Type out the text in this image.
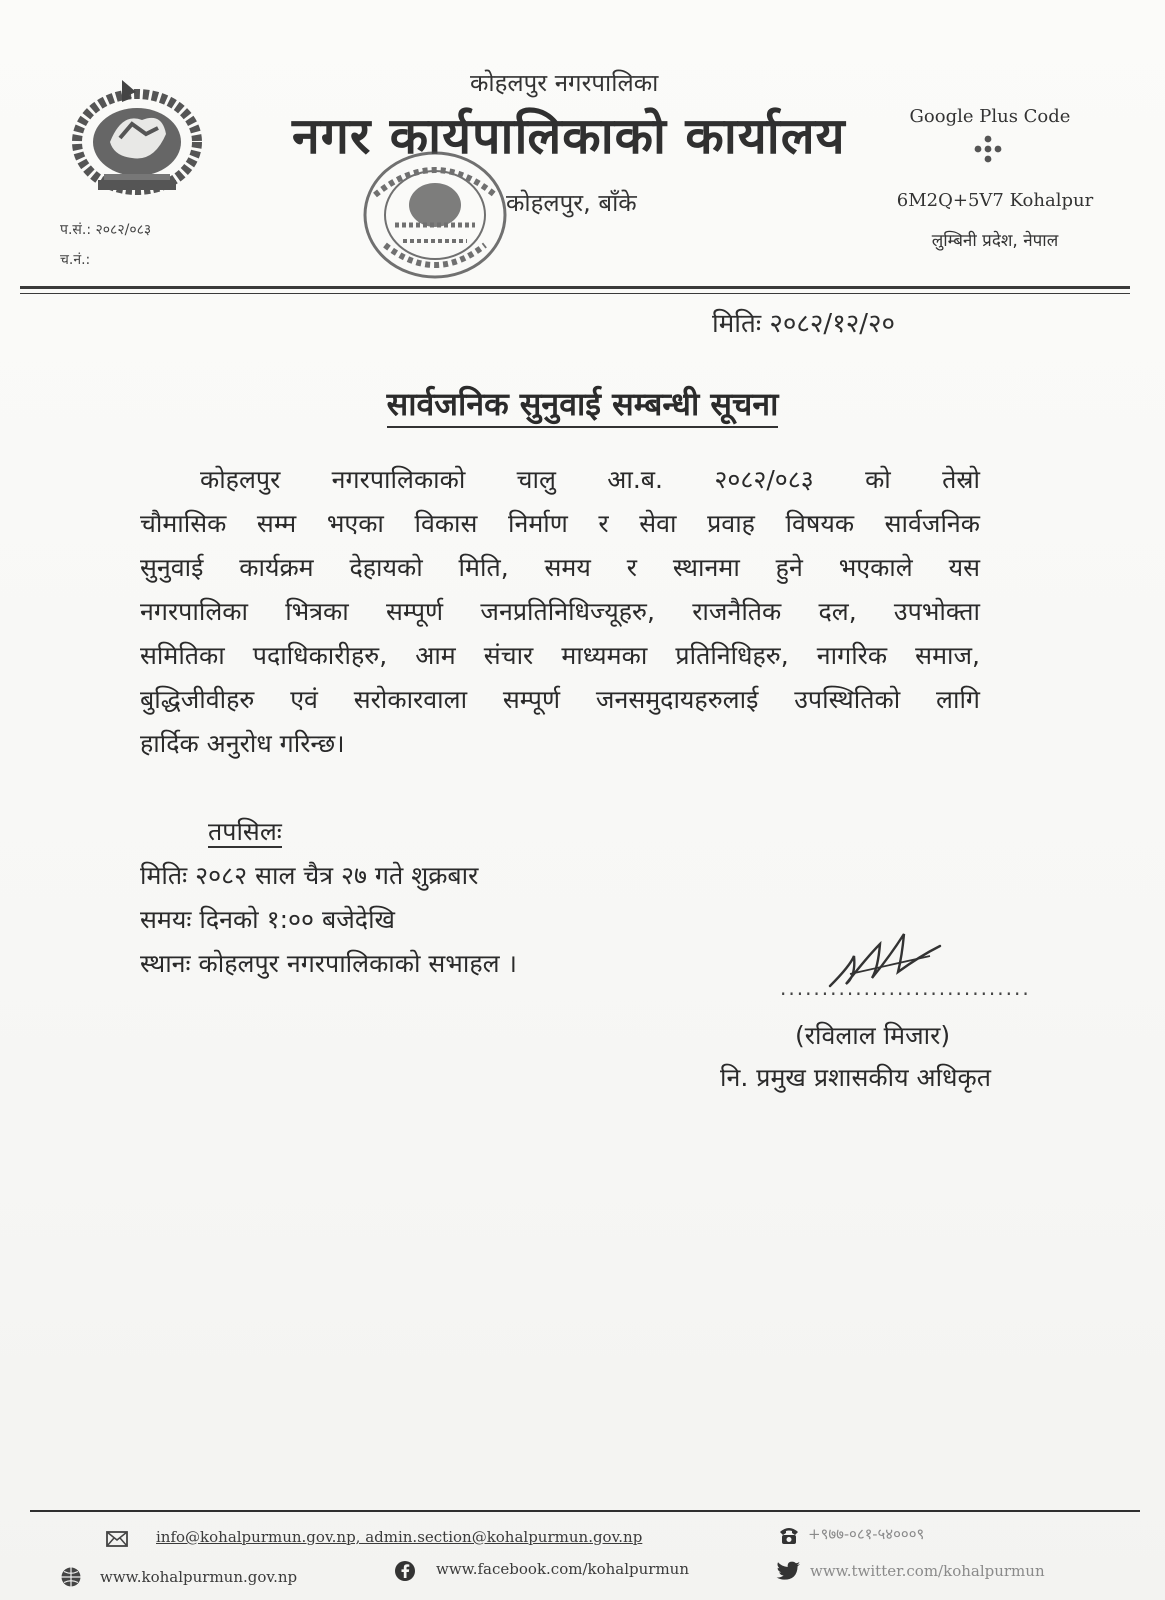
प.सं.: २०८२/०८३
च.नं.:
कोहलपुर नगरपालिका
नगर कार्यपालिकाको कार्यालय
कोहलपुर, बाँके
Google Plus Code
6M2Q+5V7 Kohalpur
लुम्बिनी प्रदेश, नेपाल
मितिः २०८२/१२/२०
सार्वजनिक सुनुवाई सम्बन्धी सूचना
कोहलपुर नगरपालिकाको चालु आ.ब. २०८२/०८३ को तेस्रो
चौमासिक सम्म भएका विकास निर्माण र सेवा प्रवाह विषयक सार्वजनिक
सुनुवाई कार्यक्रम देहायको मिति, समय र स्थानमा हुने भएकाले यस
नगरपालिका भित्रका सम्पूर्ण जनप्रतिनिधिज्यूहरु, राजनैतिक दल, उपभोक्ता
समितिका पदाधिकारीहरु, आम संचार माध्यमका प्रतिनिधिहरु, नागरिक समाज,
बुद्धिजीवीहरु एवं सरोकारवाला सम्पूर्ण जनसमुदायहरुलाई उपस्थितिको लागि
हार्दिक अनुरोध गरिन्छ।
तपसिलः
मितिः २०८२ साल चैत्र २७ गते शुक्रबार
समयः दिनको १:०० बजेदेखि
स्थानः कोहलपुर नगरपालिकाको सभाहल ।
..............................
(रविलाल मिजार)
नि. प्रमुख प्रशासकीय अधिकृत
info@kohalpurmun.gov.np, admin.section@kohalpurmun.gov.np	+९७७-०८१-५४०००९
www.kohalpurmun.gov.np	www.facebook.com/kohalpurmun	www.twitter.com/kohalpurmun
